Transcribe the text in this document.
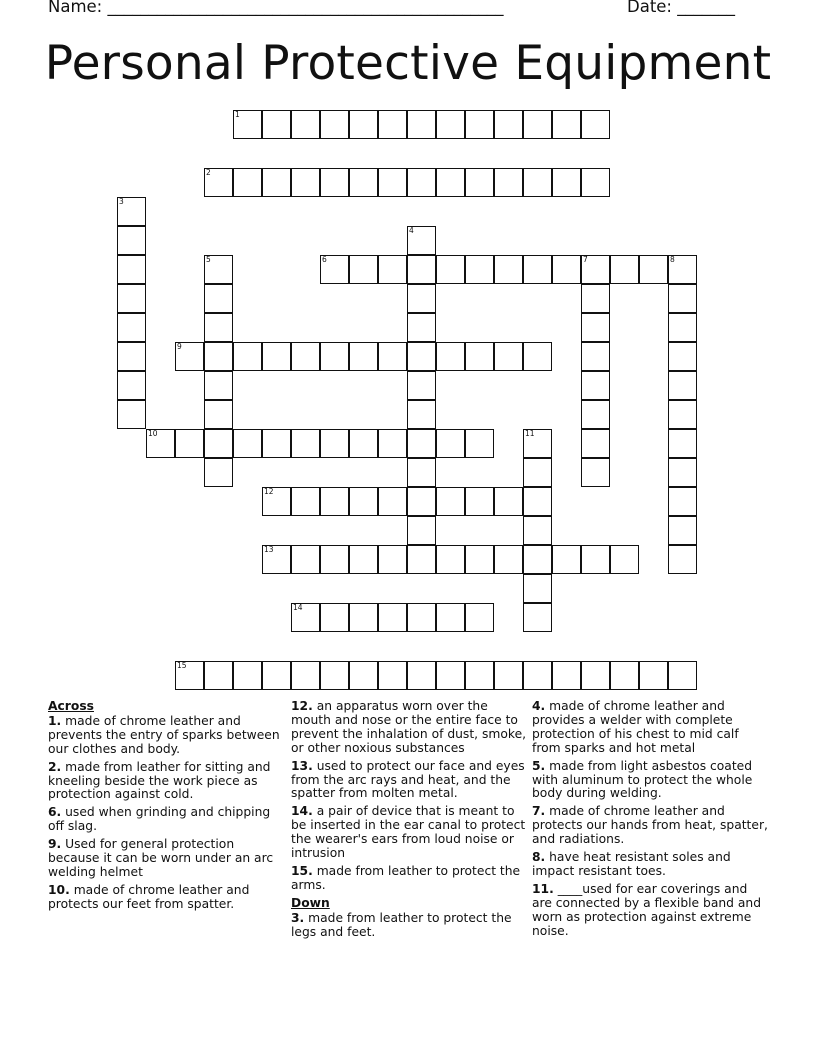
Name: ________________________________________________

	Date: _______

Personal Protective Equipment
1
2
3
4
5	6	7	8
9
10	11
12
13
14
15
Across
1. made of chrome leather and prevents the entry of sparks between our clothes and body.
2. made from leather for sitting and kneeling beside the work piece as protection against cold.
6. used when grinding and chipping off slag.
9. Used for general protection because it can be worn under an arc welding helmet
10. made of chrome leather and protects our feet from spatter.
12. an apparatus worn over the mouth and nose or the entire face to prevent the inhalation of dust, smoke, or other noxious substances
13. used to protect our face and eyes from the arc rays and heat, and the spatter from molten metal.
14. a pair of device that is meant to be inserted in the ear canal to protect the wearer's ears from loud noise or intrusion
15. made from leather to protect the arms.
Down
3. made from leather to protect the legs and feet.
4. made of chrome leather and provides a welder with complete protection of his chest to mid calf from sparks and hot metal
5. made from light asbestos coated with aluminum to protect the whole body during welding.
7. made of chrome leather and protects our hands from heat, spatter, and radiations.
8. have heat resistant soles and impact resistant toes.
11. ____used for ear coverings and are connected by a flexible band and worn as protection against extreme noise.
